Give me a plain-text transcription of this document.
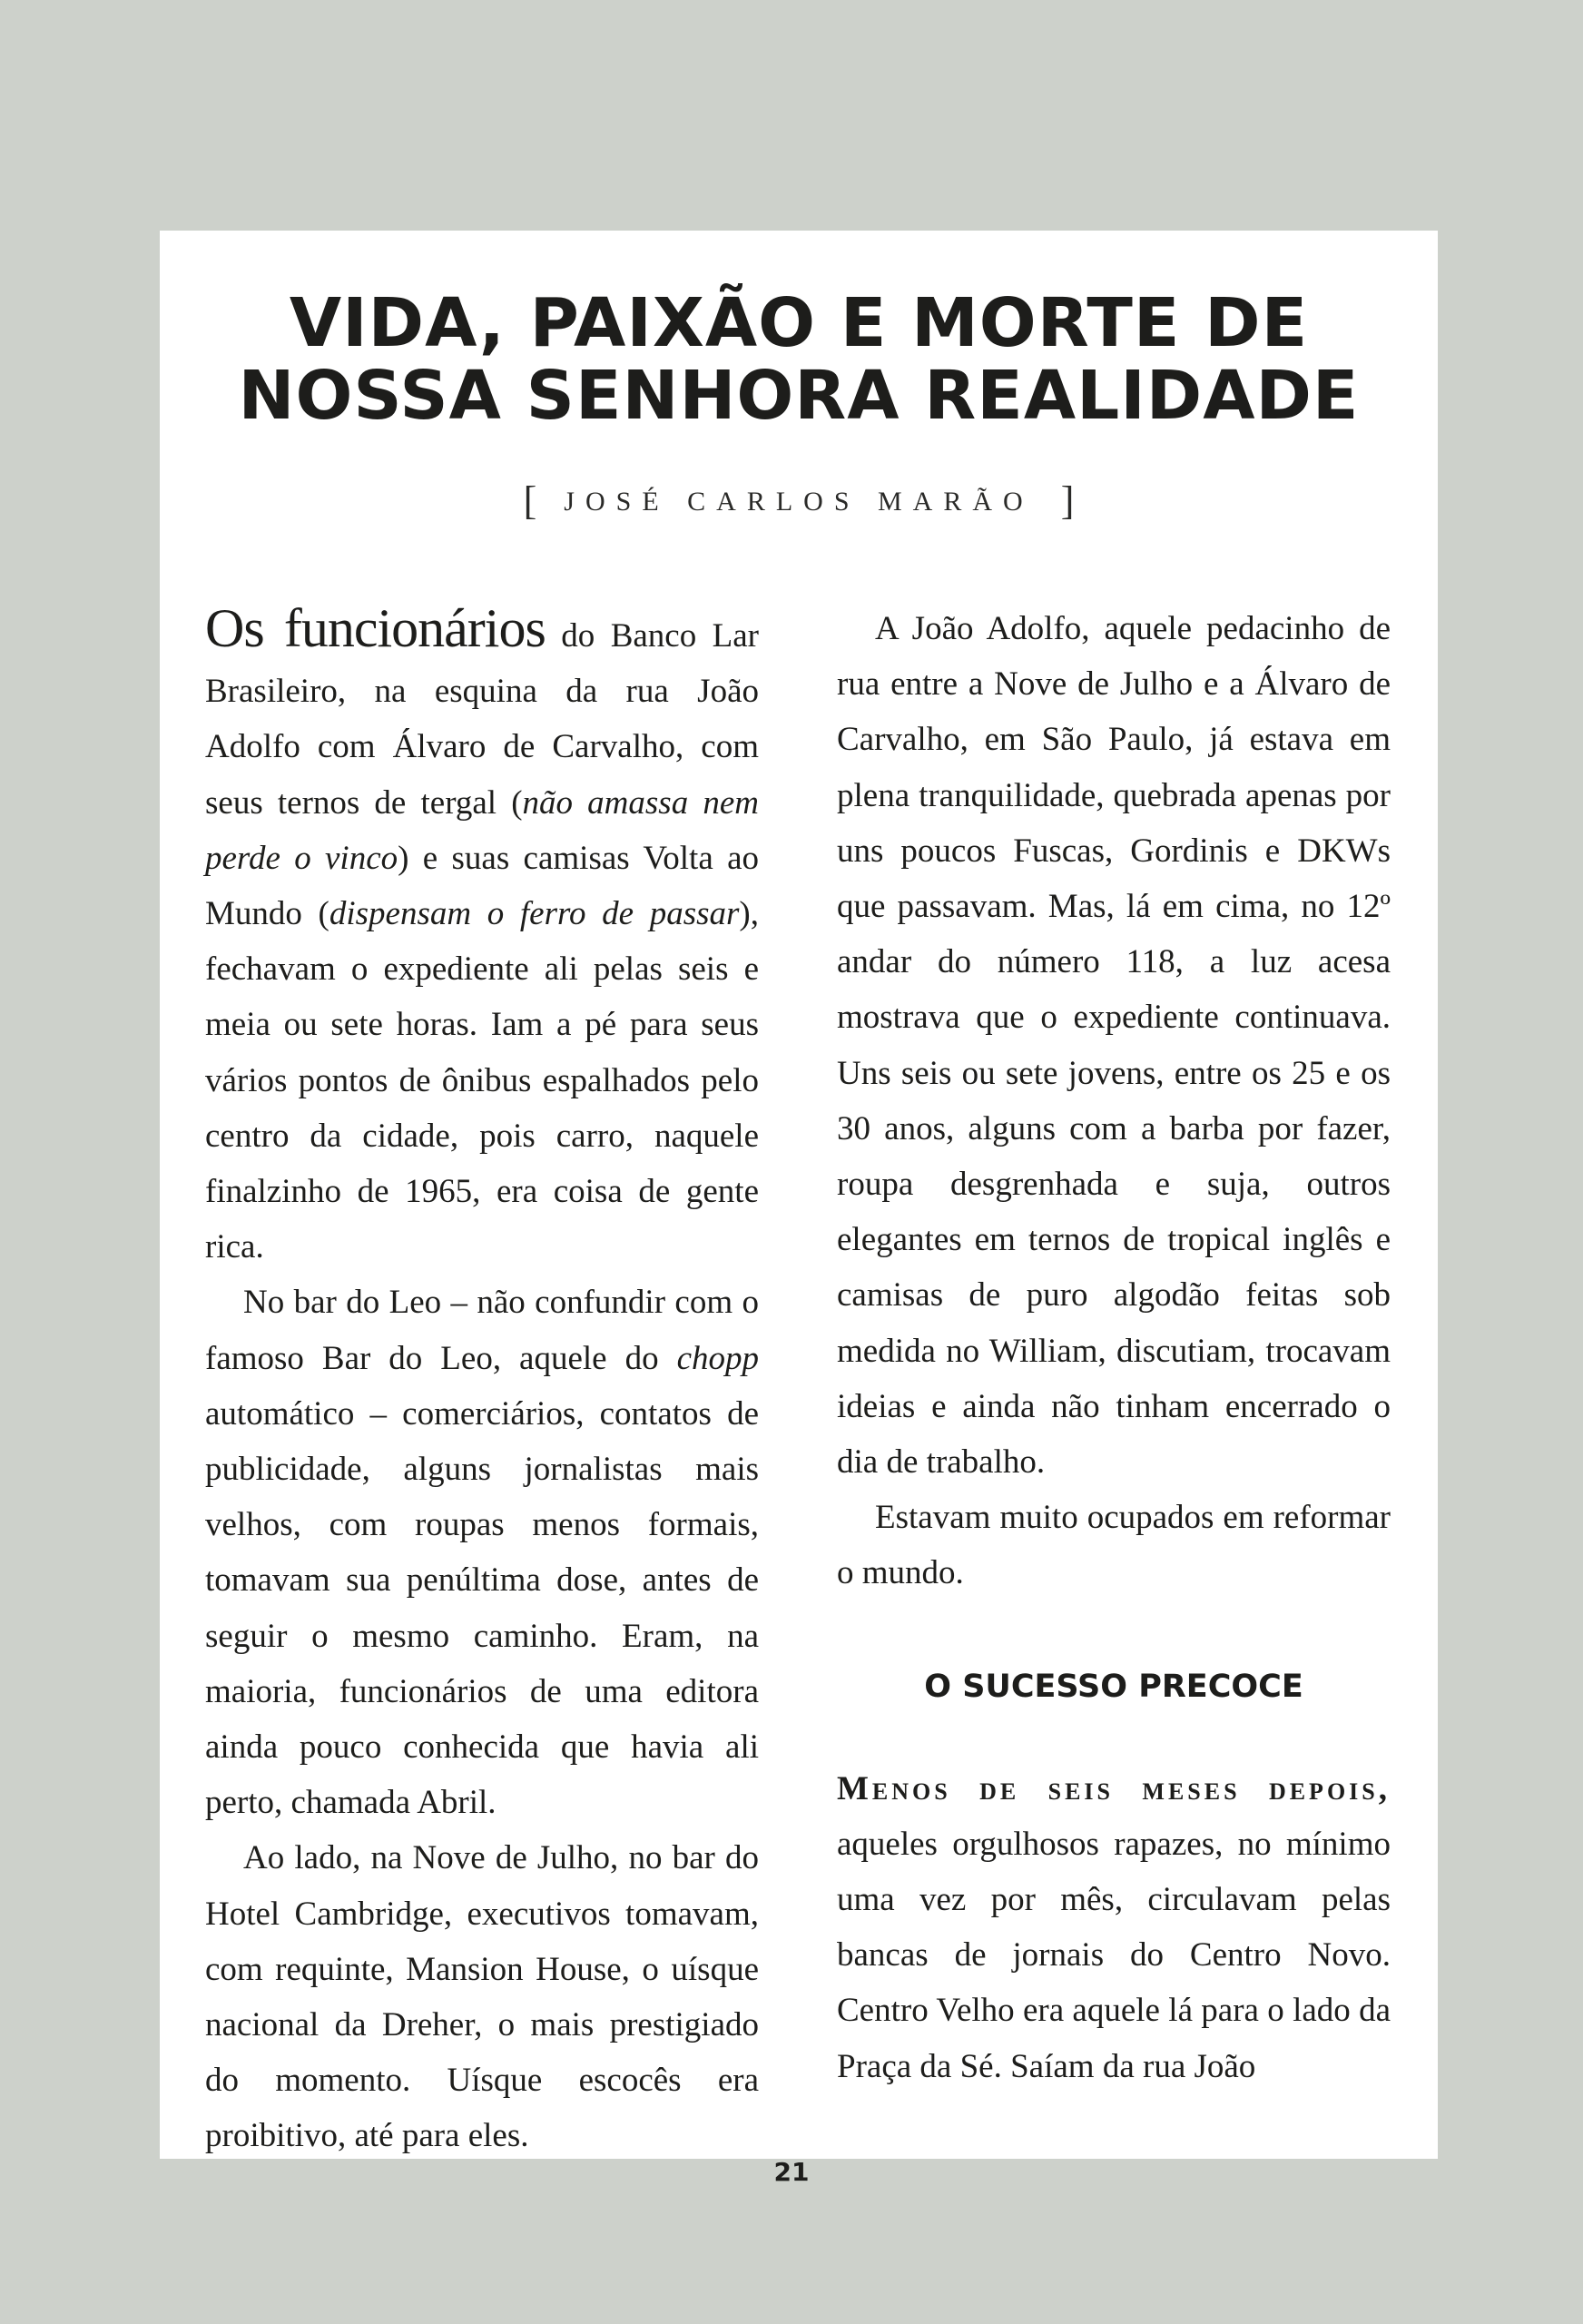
VIDA, PAIXÃO E MORTE DE
NOSSA SENHORA REALIDADE
[ JOSÉ CARLOS MARÃO ]

Os funcionários do Banco Lar Brasileiro, na esquina da rua João Adolfo com Álvaro de Carvalho, com seus ternos de tergal (não amassa nem perde o vinco) e suas camisas Volta ao Mundo (dispensam o ferro de passar), fechavam o expediente ali pelas seis e meia ou sete horas. Iam a pé para seus vários pontos de ônibus espalhados pelo centro da cidade, pois carro, naquele finalzinho de 1965, era coisa de gente rica.

No bar do Leo – não confundir com o famoso Bar do Leo, aquele do chopp automático – comerciários, contatos de publicidade, alguns jornalistas mais velhos, com roupas menos formais, tomavam sua penúltima dose, antes de seguir o mesmo caminho. Eram, na maioria, funcionários de uma editora ainda pouco conhecida que havia ali perto, chamada Abril.

Ao lado, na Nove de Julho, no bar do Hotel Cambridge, executivos tomavam, com requinte, Mansion House, o uísque nacional da Dreher, o mais prestigiado do momento. Uísque escocês era proibitivo, até para eles.

A João Adolfo, aquele pedacinho de rua entre a Nove de Julho e a Álvaro de Carvalho, em São Paulo, já estava em plena tranquilidade, quebrada apenas por uns poucos Fuscas, Gordinis e DKWs que passavam. Mas, lá em cima, no 12º andar do número 118, a luz acesa mostrava que o expediente continuava. Uns seis ou sete jovens, entre os 25 e os 30 anos, alguns com a barba por fazer, roupa desgrenhada e suja, outros elegantes em ternos de tropical inglês e camisas de puro algodão feitas sob medida no William, discutiam, trocavam ideias e ainda não tinham encerrado o dia de trabalho.

Estavam muito ocupados em reformar o mundo.

O SUCESSO PRECOCE

Menos de seis meses depois, aqueles orgulhosos rapazes, no mínimo uma vez por mês, circulavam pelas bancas de jornais do Centro Novo. Centro Velho era aquele lá para o lado da Praça da Sé. Saíam da rua João

21
